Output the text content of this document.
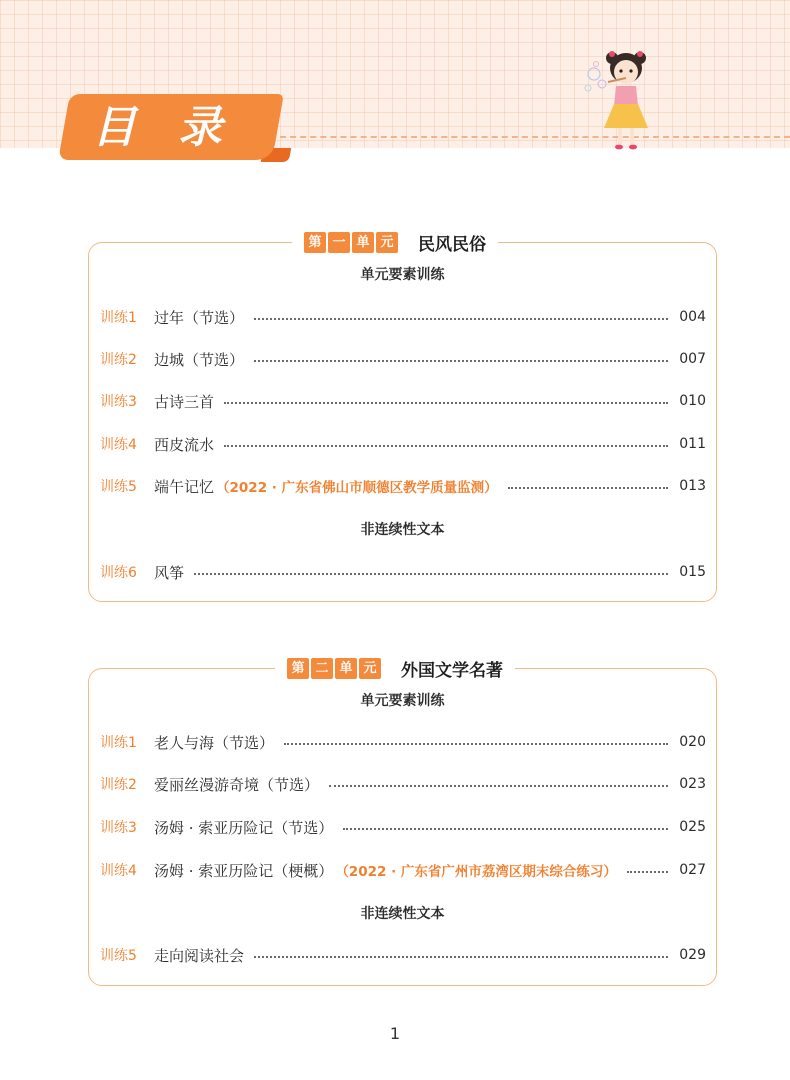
目录
第 一 单 元 民风民俗
单元要素训练
训练1	过年（节选）	004
训练2	边城（节选）	007
训练3	古诗三首	010
训练4	西皮流水	011
训练5	端午记忆 （2022 · 广东省佛山市顺德区教学质量监测）	013
非连续性文本
训练6	风筝	015
第 二 单 元 外国文学名著
单元要素训练
训练1	老人与海（节选）	020
训练2	爱丽丝漫游奇境（节选）	023
训练3	汤姆 · 索亚历险记（节选）	025
训练4	汤姆 · 索亚历险记（梗概） （2022 · 广东省广州市荔湾区期末综合练习）	027
非连续性文本
训练5	走向阅读社会	029
1
